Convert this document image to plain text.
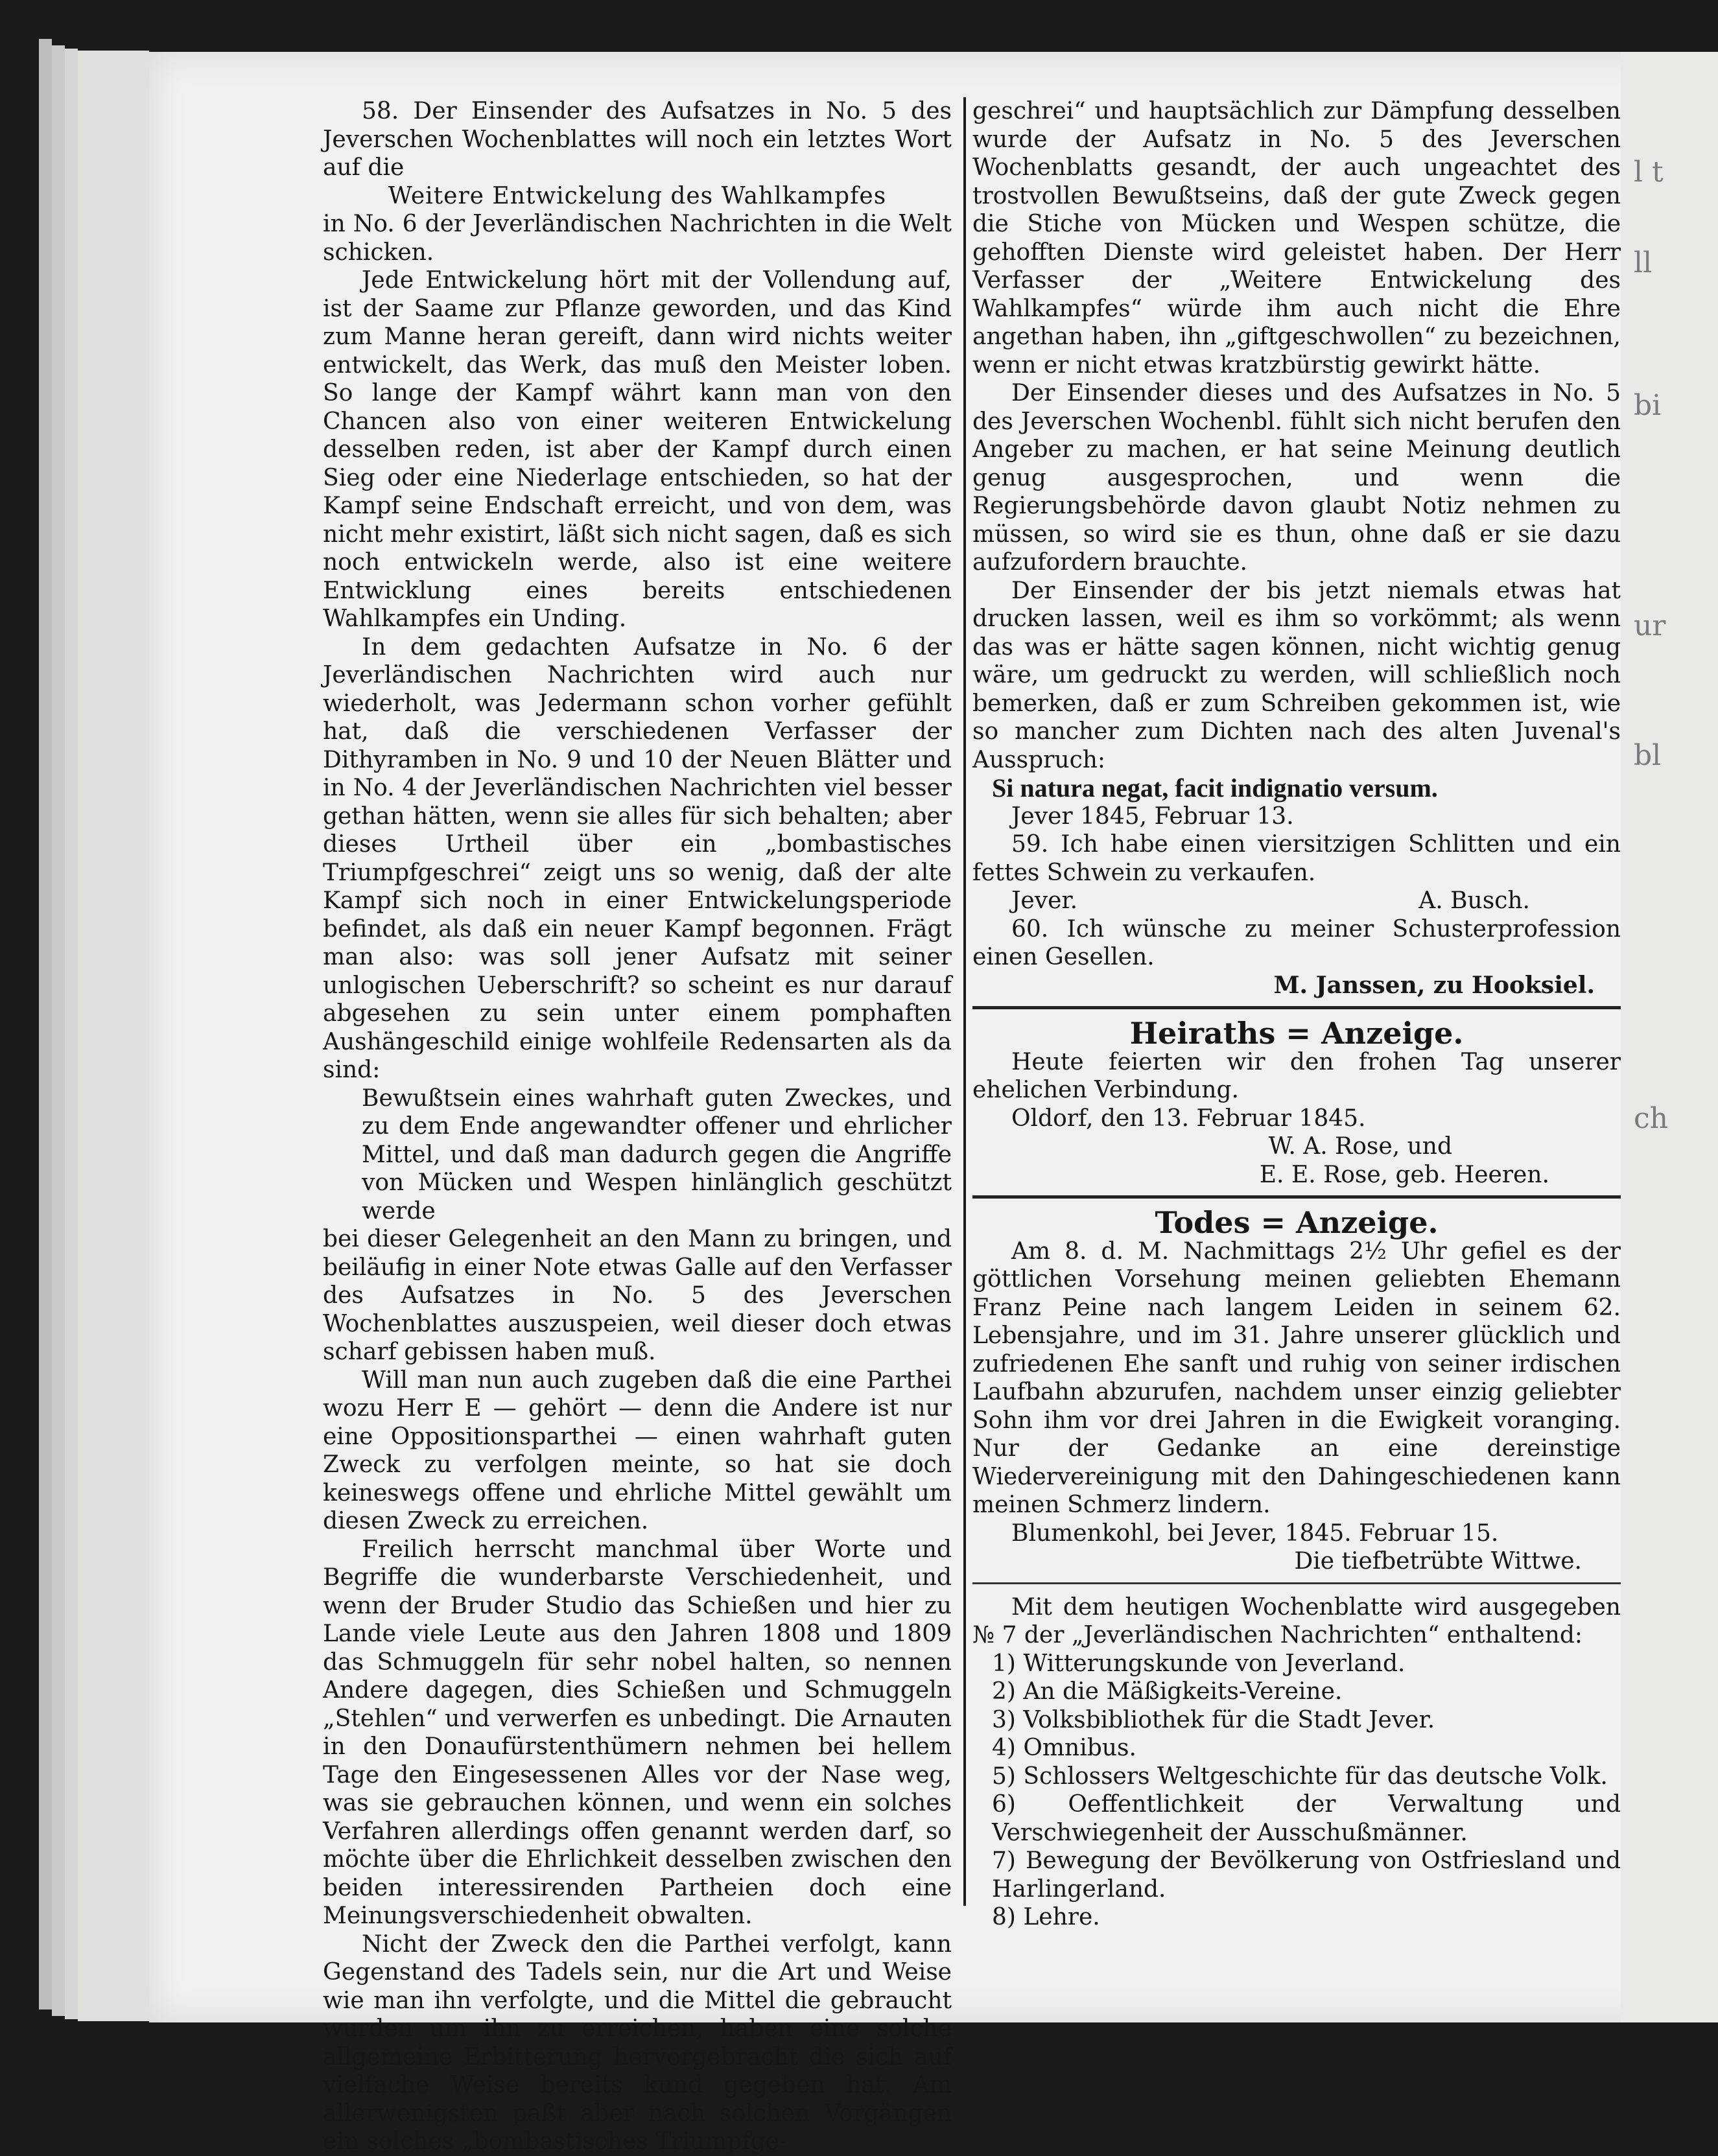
l t
ll
bi
ur
bl
ch

58. Der Einsender des Aufsatzes in No. 5 des Jeverschen Wochenblattes will noch ein letztes Wort auf die

Weitere Entwickelung des Wahlkampfes

in No. 6 der Jeverländischen Nachrichten in die Welt schicken.

Jede Entwickelung hört mit der Vollendung auf, ist der Saame zur Pflanze geworden, und das Kind zum Manne heran gereift, dann wird nichts weiter entwickelt, das Werk, das muß den Meister loben. So lange der Kampf währt kann man von den Chancen also von einer weiteren Entwickelung desselben reden, ist aber der Kampf durch einen Sieg oder eine Niederlage entschieden, so hat der Kampf seine Endschaft erreicht, und von dem, was nicht mehr existirt, läßt sich nicht sagen, daß es sich noch entwickeln werde, also ist eine weitere Entwicklung eines bereits entschiedenen Wahlkampfes ein Unding.

In dem gedachten Aufsatze in No. 6 der Jeverländischen Nachrichten wird auch nur wiederholt, was Jedermann schon vorher gefühlt hat, daß die verschiedenen Verfasser der Dithyramben in No. 9 und 10 der Neuen Blätter und in No. 4 der Jeverländischen Nachrichten viel besser gethan hätten, wenn sie alles für sich behalten; aber dieses Urtheil über ein „bombastisches Triumpfgeschrei“ zeigt uns so wenig, daß der alte Kampf sich noch in einer Entwickelungsperiode befindet, als daß ein neuer Kampf begonnen. Frägt man also: was soll jener Aufsatz mit seiner unlogischen Ueberschrift? so scheint es nur darauf abgesehen zu sein unter einem pomphaften Aushängeschild einige wohlfeile Redensarten als da sind:

Bewußtsein eines wahrhaft guten Zweckes, und zu dem Ende angewandter offener und ehrlicher Mittel, und daß man dadurch gegen die Angriffe von Mücken und Wespen hinlänglich geschützt werde

bei dieser Gelegenheit an den Mann zu bringen, und beiläufig in einer Note etwas Galle auf den Verfasser des Aufsatzes in No. 5 des Jeverschen Wochenblattes auszuspeien, weil dieser doch etwas scharf gebissen haben muß.

Will man nun auch zugeben daß die eine Parthei wozu Herr E — gehört — denn die Andere ist nur eine Oppositionsparthei — einen wahrhaft guten Zweck zu verfolgen meinte, so hat sie doch keineswegs offene und ehrliche Mittel gewählt um diesen Zweck zu erreichen.

Freilich herrscht manchmal über Worte und Begriffe die wunderbarste Verschiedenheit, und wenn der Bruder Studio das Schießen und hier zu Lande viele Leute aus den Jahren 1808 und 1809 das Schmuggeln für sehr nobel halten, so nennen Andere dagegen, dies Schießen und Schmuggeln „Stehlen“ und verwerfen es unbedingt. Die Arnauten in den Donaufürstenthümern nehmen bei hellem Tage den Eingesessenen Alles vor der Nase weg, was sie gebrauchen können, und wenn ein solches Verfahren allerdings offen genannt werden darf, so möchte über die Ehrlichkeit desselben zwischen den beiden interessirenden Partheien doch eine Meinungsverschiedenheit obwalten.

Nicht der Zweck den die Parthei verfolgt, kann Gegenstand des Tadels sein, nur die Art und Weise wie man ihn verfolgte, und die Mittel die gebraucht wurden um ihn zu erreichen, haben eine solche allgemeine Erbitterung hervorgebracht die sich auf vielfache Weise bereits kund gegeben hat. Am allerwenigsten paßt aber nach solchen Vorgängen ein solches „bombastisches Triumpfge-

geschrei“ und hauptsächlich zur Dämpfung desselben wurde der Aufsatz in No. 5 des Jeverschen Wochenblatts gesandt, der auch ungeachtet des trostvollen Bewußtseins, daß der gute Zweck gegen die Stiche von Mücken und Wespen schütze, die gehofften Dienste wird geleistet haben. Der Herr Verfasser der „Weitere Entwickelung des Wahlkampfes“ würde ihm auch nicht die Ehre angethan haben, ihn „giftgeschwollen“ zu bezeichnen, wenn er nicht etwas kratzbürstig gewirkt hätte.

Der Einsender dieses und des Aufsatzes in No. 5 des Jeverschen Wochenbl. fühlt sich nicht berufen den Angeber zu machen, er hat seine Meinung deutlich genug ausgesprochen, und wenn die Regierungsbehörde davon glaubt Notiz nehmen zu müssen, so wird sie es thun, ohne daß er sie dazu aufzufordern brauchte.

Der Einsender der bis jetzt niemals etwas hat drucken lassen, weil es ihm so vorkömmt; als wenn das was er hätte sagen können, nicht wichtig genug wäre, um gedruckt zu werden, will schließlich noch bemerken, daß er zum Schreiben gekommen ist, wie so mancher zum Dichten nach des alten Juvenal's Ausspruch:

Si natura negat, facit indignatio versum.

Jever 1845, Februar 13.

59. Ich habe einen viersitzigen Schlitten und ein fettes Schwein zu verkaufen.

Jever.	A. Busch.

60. Ich wünsche zu meiner Schusterprofession einen Gesellen.

M. Janssen, zu Hooksiel.

Heiraths = Anzeige.

Heute feierten wir den frohen Tag unserer ehelichen Verbindung.

Oldorf, den 13. Februar 1845.

W. A. Rose, und

E. E. Rose, geb. Heeren.

Todes = Anzeige.

Am 8. d. M. Nachmittags 2½ Uhr gefiel es der göttlichen Vorsehung meinen geliebten Ehemann Franz Peine nach langem Leiden in seinem 62. Lebensjahre, und im 31. Jahre unserer glücklich und zufriedenen Ehe sanft und ruhig von seiner irdischen Laufbahn abzurufen, nachdem unser einzig geliebter Sohn ihm vor drei Jahren in die Ewigkeit voranging. Nur der Gedanke an eine dereinstige Wiedervereinigung mit den Dahingeschiedenen kann meinen Schmerz lindern.

Blumenkohl, bei Jever, 1845. Februar 15.

Die tiefbetrübte Wittwe.

Mit dem heutigen Wochenblatte wird ausgegeben № 7 der „Jeverländischen Nachrichten“ enthaltend:

1) Witterungskunde von Jeverland.

2) An die Mäßigkeits-Vereine.

3) Volksbibliothek für die Stadt Jever.

4) Omnibus.

5) Schlossers Weltgeschichte für das deutsche Volk.

6) Oeffentlichkeit der Verwaltung und Verschwiegenheit der Ausschußmänner.

7) Bewegung der Bevölkerung von Ostfriesland und Harlingerland.

8) Lehre.
